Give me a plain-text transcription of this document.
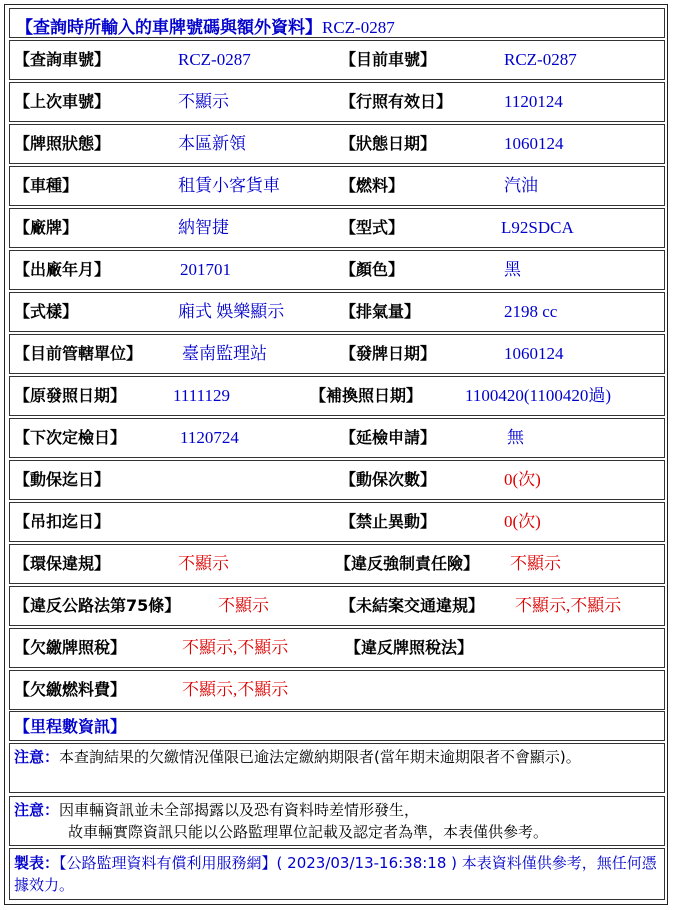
【查詢時所輸入的車牌號碼與額外資料】RCZ-0287
【查詢車號】	RCZ-0287	【目前車號】	RCZ-0287
【上次車號】	不顯示	【行照有效日】	1120124
【牌照狀態】	本區新領	【狀態日期】	1060124
【車種】	租賃小客貨車	【燃料】	汽油
【廠牌】	納智捷	【型式】	L92SDCA
【出廠年月】	201701	【顏色】	黑
【式樣】	廂式 娛樂顯示	【排氣量】	2198 cc
【目前管轄單位】 臺南監理站	【發牌日期】	1060124
【原發照日期】	1111129	【補換照日期】	1100420(1100420過)
【下次定檢日】	1120724	【延檢申請】	無
【動保迄日】	【動保次數】	0(次)
【吊扣迄日】	【禁止異動】	0(次)
【環保違規】	不顯示	【違反強制責任險】 不顯示
【違反公路法第75條】 不顯示	【未結案交通違規】 不顯示,不顯示
【欠繳牌照稅】	不顯示,不顯示	【違反牌照稅法】
【欠繳燃料費】	不顯示,不顯示
【里程數資訊】
注意：本查詢結果的欠繳情況僅限已逾法定繳納期限者(當年期末逾期限者不會顯示)。
注意：因車輛資訊並未全部揭露以及恐有資料時差情形發生，
故車輛實際資訊只能以公路監理單位記載及認定者為準，本表僅供參考。
製表：【公路監理資料有償利用服務網】( 2023/03/13-16:38:18 ) 本表資料僅供參考，無任何憑據效力。
